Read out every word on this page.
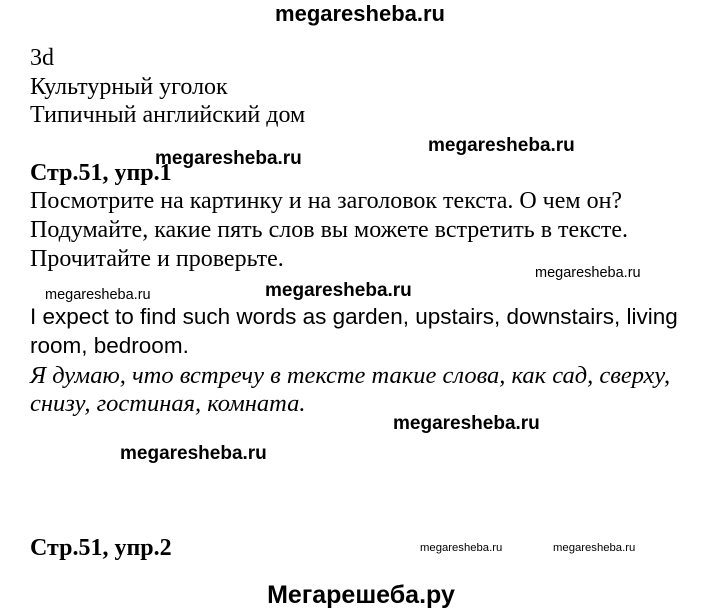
megaresheba.ru
3d
Культурный уголок
Типичный английский дом
Стр.51, упр.1
Посмотрите на картинку и на заголовок текста. О чем он?
Подумайте, какие пять слов вы можете встретить в тексте.
Прочитайте и проверьте.
I expect to find such words as garden, upstairs, downstairs, living
room, bedroom.
Я думаю, что встречу в тексте такие слова, как сад, сверху,
снизу, гостиная, комната.
Стр.51, упр.2
megaresheba.ru
megaresheba.ru
megaresheba.ru
megaresheba.ru	megaresheba.ru
megaresheba.ru
megaresheba.ru
megaresheba.ru	megaresheba.ru
Мегарешеба.ру
